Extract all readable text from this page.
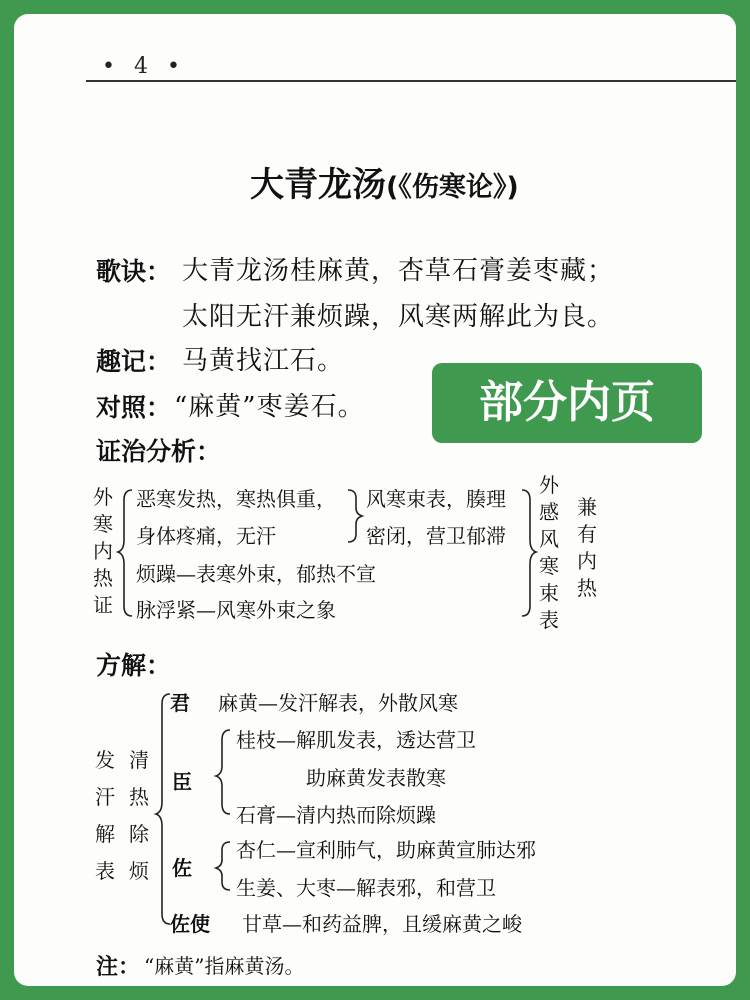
• 4 •
大青龙汤(《伤寒论》)
歌诀： 大青龙汤桂麻黄，杏草石膏姜枣藏；
太阳无汗兼烦躁，风寒两解此为良。
趣记： 马黄找江石。
对照： “麻黄”枣姜石。	部分内页
证治分析：
外寒内热证
恶寒发热，寒热俱重，
身体疼痛，无汗
烦躁—表寒外束，郁热不宣
脉浮紧—风寒外束之象
风寒束表，腠理
密闭，营卫郁滞
外感风寒束表
兼有内热
方解：
发汗解表
清热除烦
君 麻黄—发汗解表，外散风寒
臣
桂枝—解肌发表，透达营卫
助麻黄发表散寒
石膏—清内热而除烦躁
佐
杏仁—宣利肺气，助麻黄宣肺达邪
生姜、大枣—解表邪，和营卫
佐使 甘草—和药益脾，且缓麻黄之峻
注： “麻黄”指麻黄汤。
